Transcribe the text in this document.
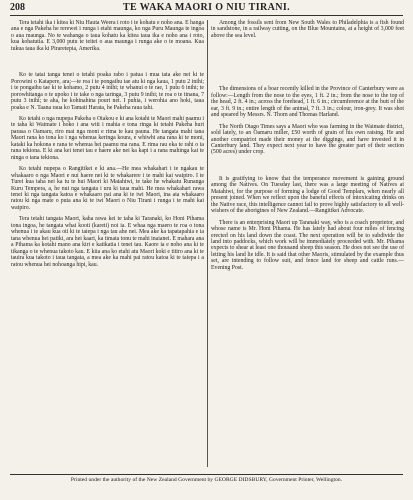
208	TE WAKA MAORI O NIU TIRANI.

Tera tetahi ika i kitea ki Niu Hauta Weera i roto i te kohatu e noho ana. E hanga ana e nga Pakeha he rerewei i runga i etahi maunga, ko nga Puru Maunga te ingoa o aua maunga. No te wahanga o taua kohatu ka kitea taua ika e noho ana i roto, kua kohatutia. E 3,000 putu te teitei o aua maunga i runga ake o te moana. Kua tukua taua ika ki Piraretepia, Amerika.

Ko te tatai tanga tenei o tetahi poaka rabo i patua i mua tata ake nei ki te Porowini o Katapere, ara;—te roa i te pongaihu tae atu ki nga kaua, 1 putu 2 inihi; i te pongaihu tae ki te kohamo, 2 putu 4 inihi; te whanui o te rae, 1 putu 6 inihi; te porowhitanga o te upoko i te take o nga taringa, 3 putu 9 inihi; te roa o te tinana, 7 putu 3 inihi; te aha, he kohinahina pouri nei. I puhia, i werohia ano hoki, taua poaka e N. Taana raua ko Tamati Harata, he Pakeha raua tahi.

Ko tetahi o nga nupepa Pakeha o Otakou e ki ana kotahi te Maori mahi paamu i te taha ki Waimate i hoko i ana witi i mahia e tona ringa ki tetahi Pakeha huri parasa o Oamaru, riro mai nga moni e rima te kau pauna. He tangata mahi tana Maori rana ko tona ko i nga whenua keringa koura, e whiwhi ana rana ki te moni, kataki ka hokona e rana te whenua hei paamu ma rana. E rima rau eka te rahi o ta rana tekiona. E ki ana kei tenei tau e haere ake nei ka kapi i a rana mahinga kai te ninga o tana tekiona.

Ko tetahi nupepa o Rangitikei e ki ana.—He mea whakahari i te ngakau te whakaaro o nga Maori e nui haere nei ki te whakarere i te mahi kai waipiro. I te Turei kua taha nei ka tu te hui Maori ki Matahiwi, te take he whakatu Runanga Kuru Tempera, a, he nui nga tangata i uru ki taua mahi. He mea whakahari rawa tenei ki nga tangata katoa e whakaaro pai ana ki te iwi Maori, ina ata whakaaro ratou ki nga mate o puta ana ki te iwi Maori o Niu Tirani i runga i te mahi kai waipiro.

Tera tetahi tangata Maori, kaha rawa kei te taha ki Taranaki, ko Honi Pihama tona ingoa, he tangata whai kooti (kareti) noi ia. E whaa nga maero te roa o tona whenua i te akau kua oti ki te taiepa i nga tau ahe nei. Mea ake ka tapatapahia e ia tana whenua hei patiki, ara hei kaari, ka timata tonu te mahi inaianei. E mahara ana a Pihama ka kotahi mano ana kiri e katikatia i tenei tau. Kaore ia e noho ana ki te tikanga o te whenua takoto kau. E kiia ana ko etahi atu Maori koki e titiro ana ki te tauira kua takoto i taua tangata, a mea ake ka mahi pai ratou katoa ki te taiepa i a ratou whenua hei nohoanga hipi, kau.

Among the fossils sent from New South Wales to Philadelphia is a fish found in sandstone, in a railway cutting, on the Blue Mountains, at a height of 3,000 feet above the sea level.

The dimensions of a boar recently killed in the Province of Canterbury were as follow:—Length from the nose to the eyes, 1 ft. 2 in.; from the nose to the top of the head, 2 ft. 4 in.; across the forehead, 1 ft. 6 in.; circumference at the butt of the ear, 3 ft. 9 in.; entire length of the animal, 7 ft. 3 in.; colour, iron-grey. It was shot and speared by Messrs. N. Thorn and Thomas Harland.

The North Otago Times says a Maori who was farming in the Waimate district, sold lately, to an Oamaru miller, £50 worth of grain of his own raising. He and another compatriot made their money at the diggings, and have invested it in Canterbury land. They expect next year to have the greater part of their section (500 acres) under crop.

It is gratifying to know that the temperance movement is gaining ground among the Natives. On Tuesday last, there was a large meeting of Natives at Matahiwi, for the purpose of forming a lodge of Good Templars, when nearly all present joined. When we reflect upon the baneful effects of intoxicating drinks on the Native race, this intelligence cannot fail to prove highly satisfactory to all well-wishers of the aborigines of New Zealand.—Rangitikei Advocate.

There is an enterprising Maori up Taranaki way, who is a coach proprietor, and whose name is Mr. Honi Pihama. He has lately had about four miles of fencing erected on his land down the coast. The next operation will be to subdivide the land into paddocks, which work will be immediately proceeded with. Mr. Pihama expects to shear at least one thousand sheep this season. He does not see the use of letting his land lie idle. It is said that other Maoris, stimulated by the example thus set, are intending to follow suit, and fence land for sheep and cattle runs.—Evening Post.

Printed under the authority of the New Zealand Government by GEORGE DIDSBURY, Government Printer, Wellington.
